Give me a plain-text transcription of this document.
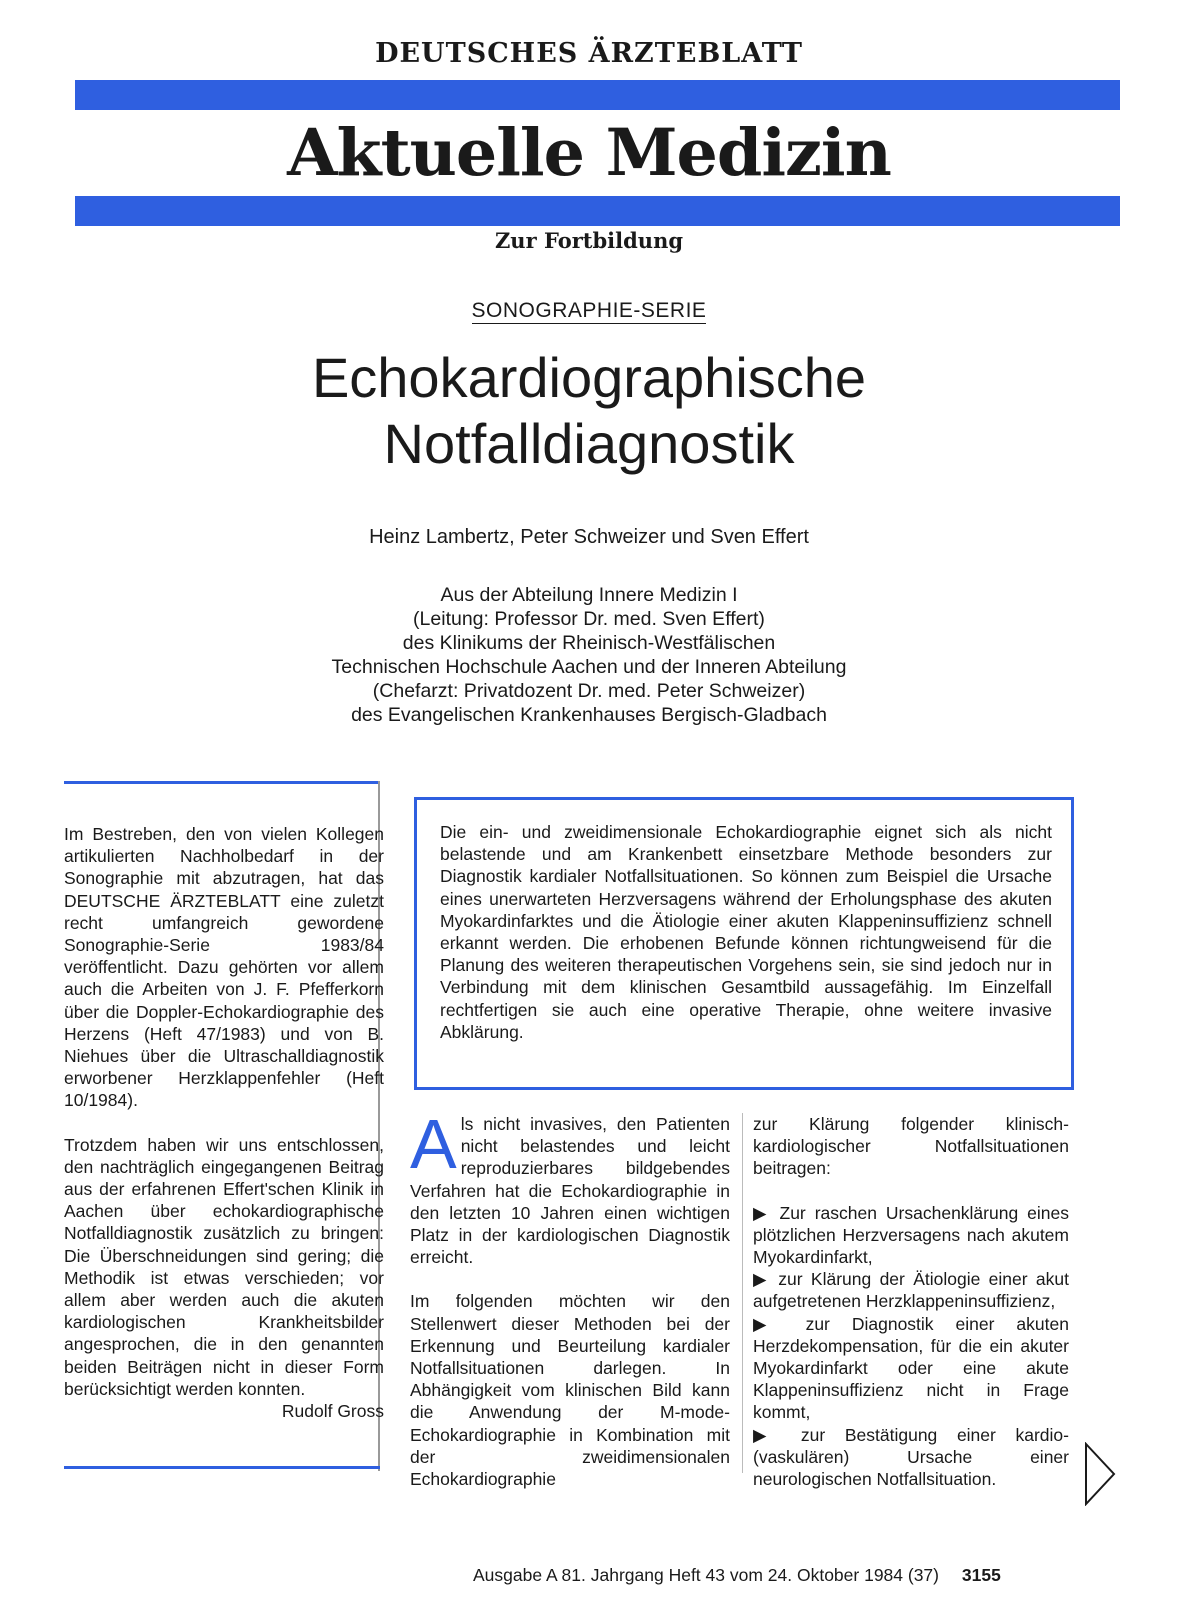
DEUTSCHES ÄRZTEBLATT
Aktuelle Medizin
Zur Fortbildung
SONOGRAPHIE-SERIE
Echokardiographische
Notfalldiagnostik
Heinz Lambertz, Peter Schweizer und Sven Effert
Aus der Abteilung Innere Medizin I
(Leitung: Professor Dr. med. Sven Effert)
des Klinikums der Rheinisch-Westfälischen
Technischen Hochschule Aachen und der Inneren Abteilung
(Chefarzt: Privatdozent Dr. med. Peter Schweizer)
des Evangelischen Krankenhauses Bergisch-Gladbach

Im Bestreben, den von vielen Kollegen artikulierten Nachholbedarf in der Sonographie mit abzutragen, hat das DEUTSCHE ÄRZTEBLATT eine zuletzt recht umfangreich gewordene Sonographie-Serie 1983/84 veröffentlicht. Dazu gehörten vor allem auch die Arbeiten von J. F. Pfefferkorn über die Doppler-Echokardiographie des Herzens (Heft 47/1983) und von B. Niehues über die Ultraschalldiagnostik erworbener Herzklappenfehler (Heft 10/1984).

Trotzdem haben wir uns entschlossen, den nachträglich eingegangenen Beitrag aus der erfahrenen Effert'schen Klinik in Aachen über echokardiographische Notfalldiagnostik zusätzlich zu bringen: Die Überschneidungen sind gering; die Methodik ist etwas verschieden; vor allem aber werden auch die akuten kardiologischen Krankheitsbilder angesprochen, die in den genannten beiden Beiträgen nicht in dieser Form berücksichtigt werden konnten.

Rudolf Gross
Die ein- und zweidimensionale Echokardiographie eignet sich als nicht belastende und am Krankenbett einsetzbare Methode besonders zur Diagnostik kardialer Notfallsituationen. So können zum Beispiel die Ursache eines unerwarteten Herzversagens während der Erholungsphase des akuten Myokardinfarktes und die Ätiologie einer akuten Klappeninsuffizienz schnell erkannt werden. Die erhobenen Befunde können richtungweisend für die Planung des weiteren therapeutischen Vorgehens sein, sie sind jedoch nur in Verbindung mit dem klinischen Gesamtbild aussagefähig. Im Einzelfall rechtfertigen sie auch eine operative Therapie, ohne weitere invasive Abklärung.

Als nicht invasives, den Patienten nicht belastendes und leicht reproduzierbares bildgebendes Verfahren hat die Echokardiographie in den letzten 10 Jahren einen wichtigen Platz in der kardiologischen Diagnostik erreicht.

Im folgenden möchten wir den Stellenwert dieser Methoden bei der Erkennung und Beurteilung kardialer Notfallsituationen darlegen. In Abhängigkeit vom klinischen Bild kann die Anwendung der M-mode-Echokardiographie in Kombination mit der zweidimensionalen Echokardiographie

zur Klärung folgender klinisch-kardiologischer Notfallsituationen beitragen:

▶ Zur raschen Ursachenklärung eines plötzlichen Herzversagens nach akutem Myokardinfarkt,
▶ zur Klärung der Ätiologie einer akut aufgetretenen Herzklappeninsuffizienz,
▶ zur Diagnostik einer akuten Herzdekompensation, für die ein akuter Myokardinfarkt oder eine akute Klappeninsuffizienz nicht in Frage kommt,
▶ zur Bestätigung einer kardio-(vaskulären) Ursache einer neurologischen Notfallsituation.
Ausgabe A 81. Jahrgang Heft 43 vom 24. Oktober 1984 (37) 3155
